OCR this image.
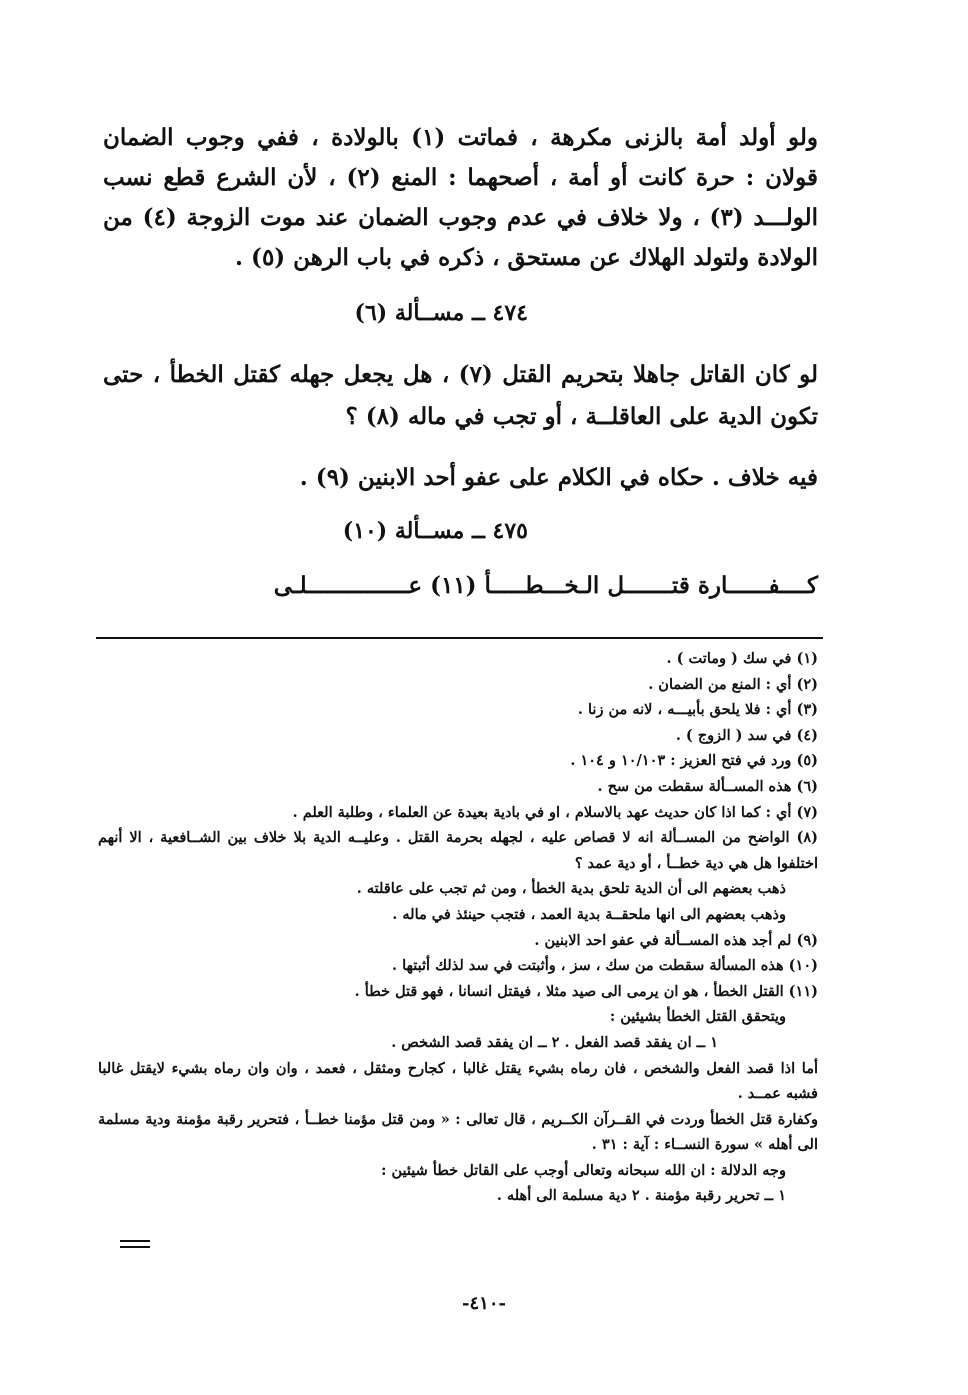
ولو أولد أمة بالزنى مكرهة ، فماتت (١) بالولادة ، ففي وجوب الضمان قولان : حرة كانت أو أمة ، أصحهما : المنع (٢) ، لأن الشرع قطع نسب الولـــد (٣) ، ولا خلاف في عدم وجوب الضمان عند موت الزوجة (٤) من الولادة ولتولد الهلاك عن مستحق ، ذكره في باب الرهن (٥) .

٤٧٤ ــ مســألة (٦)

لو كان القاتل جاهلا بتحريم القتل (٧) ، هل يجعل جهله كقتل الخطأ ، حتى تكون الدية على العاقلــة ، أو تجب في ماله (٨) ؟

فيه خلاف . حكاه في الكلام على عفو أحد الابنين (٩) .

٤٧٥ ــ مســألة (١٠)

كــــفــــــارة قتـــــــل الـخـــطـــــأ (١١) عـــــــــــــــلـى

(١) في سك ( وماتت ) .
(٢) أي : المنع من الضمان .
(٣) أي : فلا يلحق بأبيـــه ، لانه من زنا .
(٤) في سد ( الزوج ) .
(٥) ورد في فتح العزيز : ١٠/١٠٣ و ١٠٤ .
(٦) هذه المســألة سقطت من سح .
(٧) أي : كما اذا كان حديث عهد بالاسلام ، او في بادية بعيدة عن العلماء ، وطلبة العلم .
(٨) الواضح من المســألة انه لا قصاص عليه ، لجهله بحرمة القتل . وعليــه الدية بلا خلاف بين الشــافعية ، الا أنهم اختلفوا هل هي دية خطــأ ، أو دية عمد ؟
ذهب بعضهم الى أن الدية تلحق بدية الخطأ ، ومن ثم تجب على عاقلته .
وذهب بعضهم الى انها ملحقــة بدية العمد ، فتجب حينئذ في ماله .
(٩) لم أجد هذه المســألة في عفو احد الابنين .
(١٠) هذه المسألة سقطت من سك ، سز ، وأثبتت في سد لذلك أثبتها .
(١١) القتل الخطأ ، هو ان يرمى الى صيد مثلا ، فيقتل انسانا ، فهو قتل خطأ .
ويتحقق القتل الخطأ بشيئين :
١ ــ ان يفقد قصد الفعل . ٢ ــ ان يفقد قصد الشخص .
أما اذا قصد الفعل والشخص ، فان رماه بشيء يقتل غالبا ، كجارح ومثقل ، فعمد ، وان وان رماه بشيء لايقتل غالبا فشبه عمــد .
وكفارة قتل الخطأ وردت في القــرآن الكــريم ، قال تعالى : « ومن قتل مؤمنا خطــأ ، فتحرير رقبة مؤمنة ودية مسلمة الى أهله » سورة النســاء : آية : ٣١ .
وجه الدلالة : ان الله سبحانه وتعالى أوجب على القاتل خطأ شيئين :
١ ــ تحرير رقبة مؤمنة . ٢ دية مسلمة الى أهله .
-٤١٠-
